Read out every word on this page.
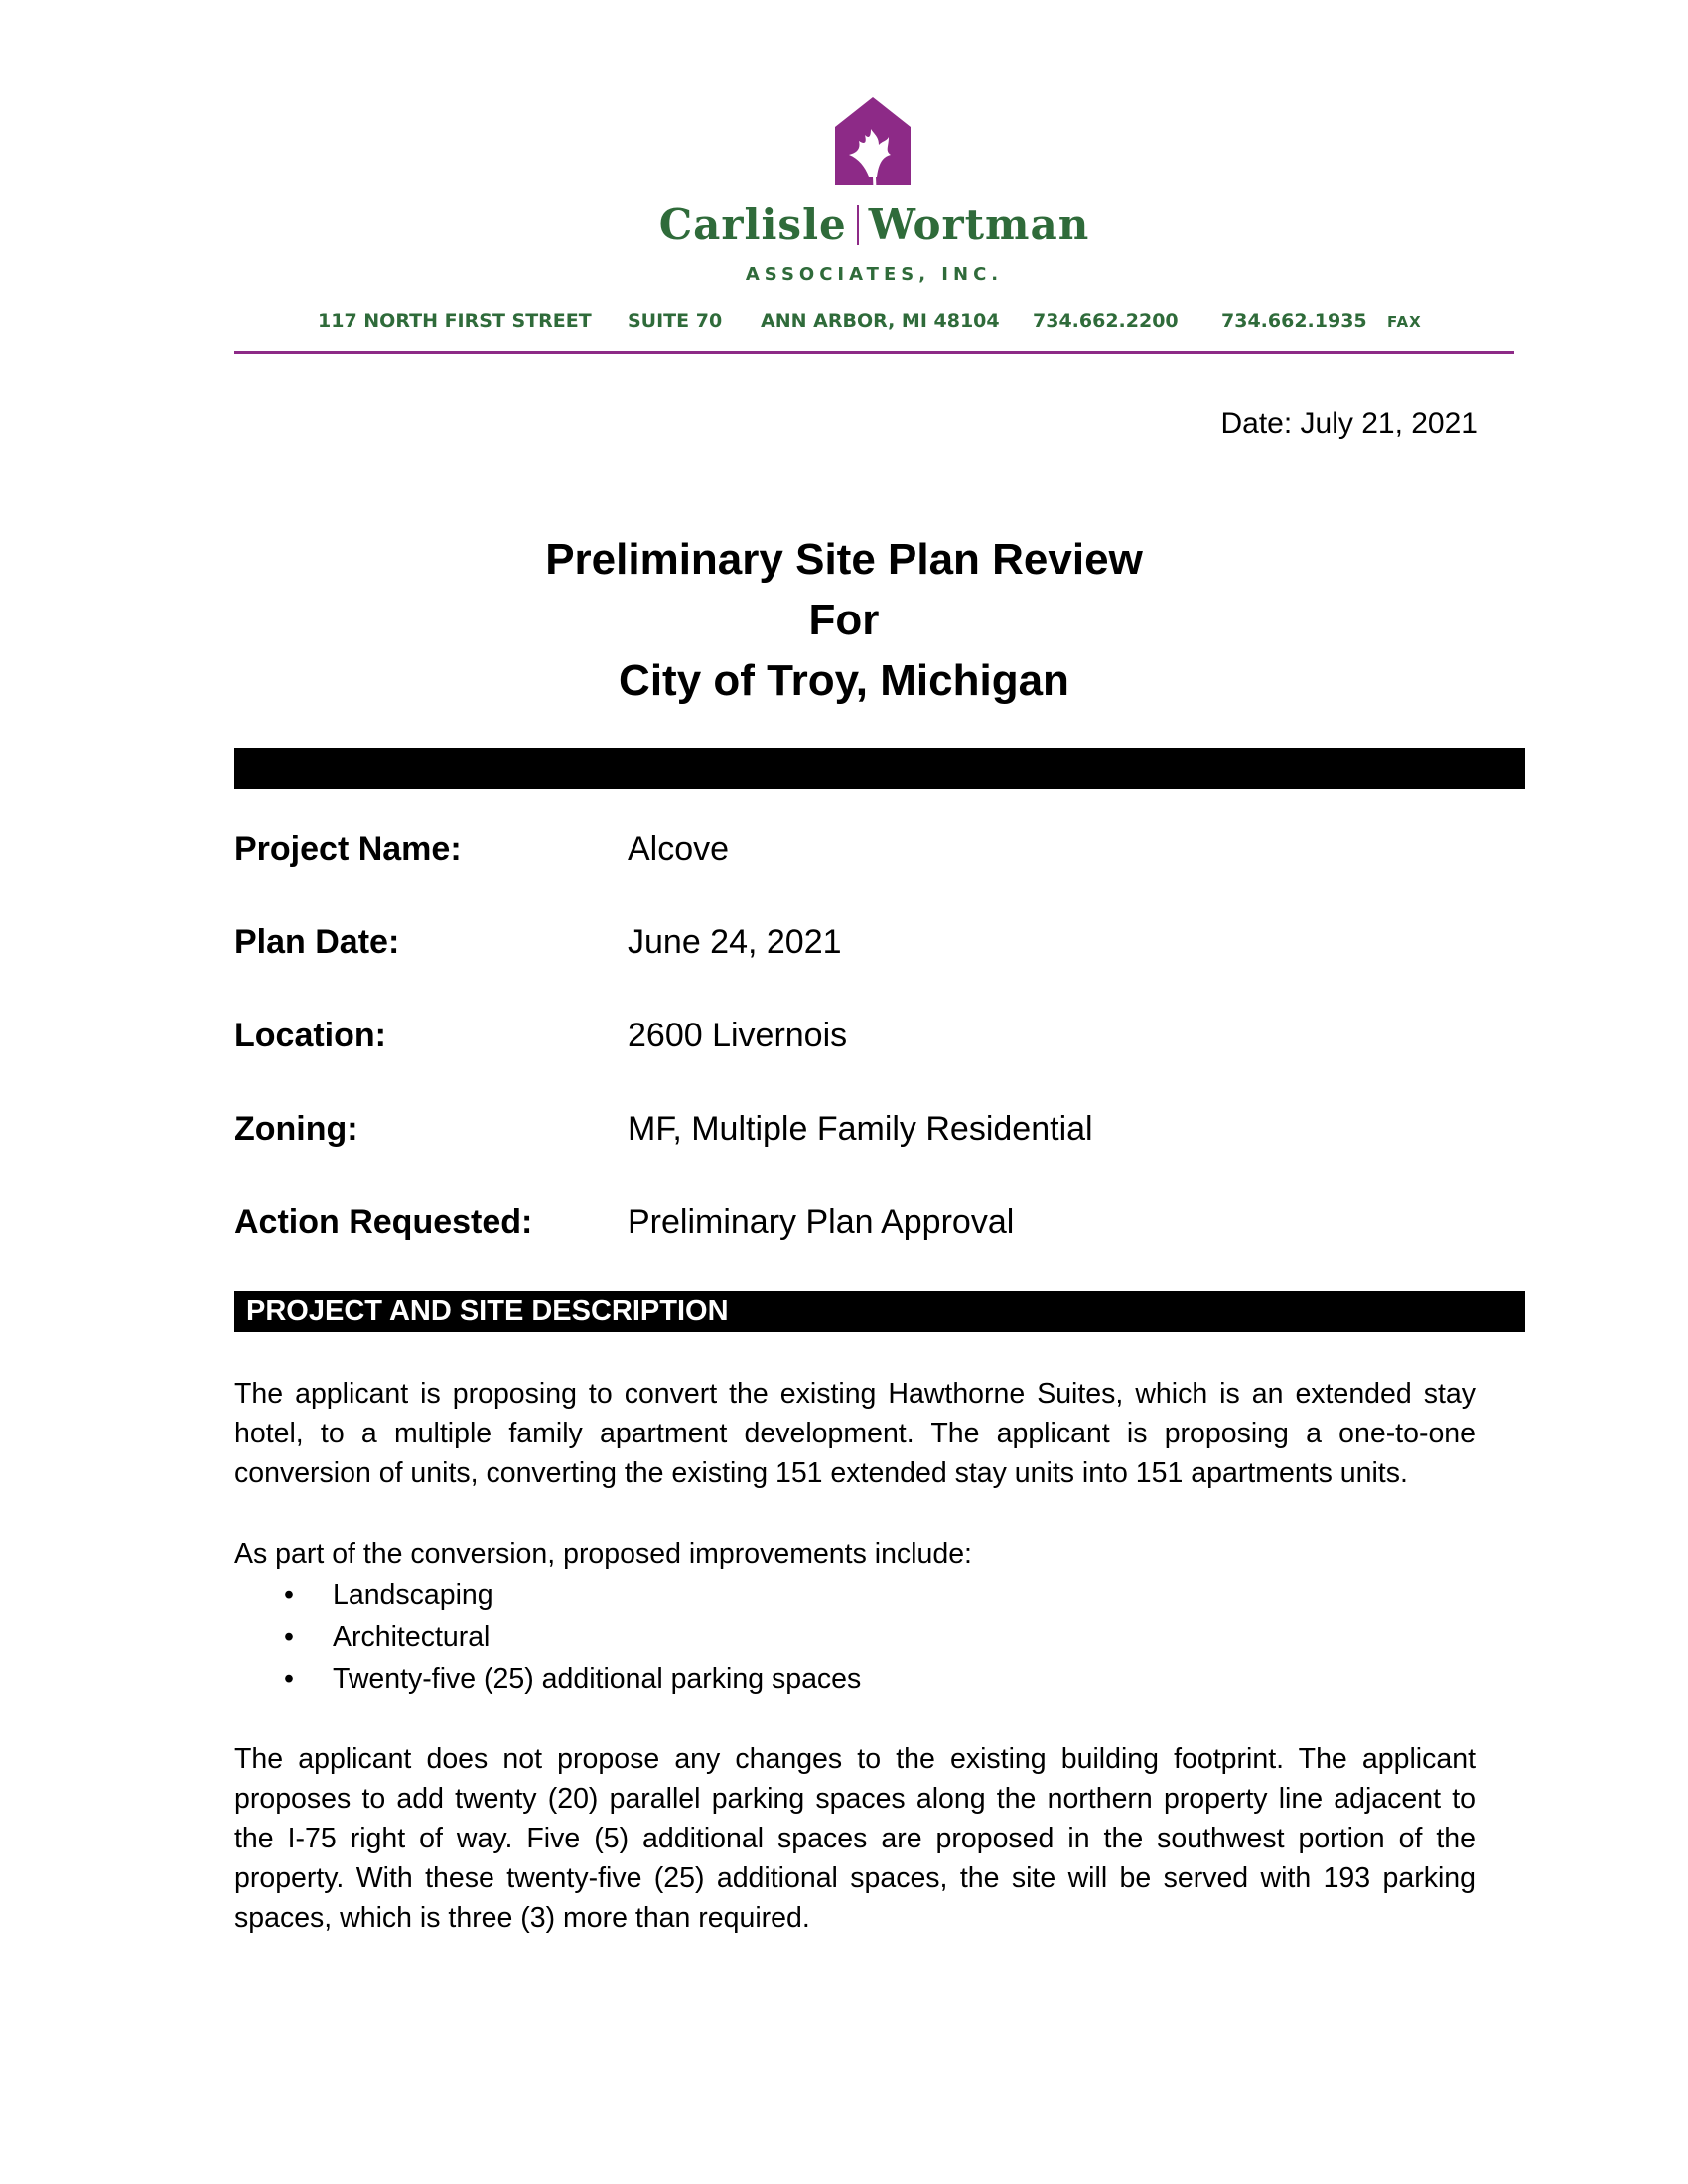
Carlisle Wortman
ASSOCIATES, INC.
117 NORTH FIRST STREET SUITE 70 ANN ARBOR, MI 48104 734.662.2200 734.662.1935 FAX
Date: July 21, 2021
Preliminary Site Plan Review
For
City of Troy, Michigan
Project Name:	Alcove
Plan Date:	June 24, 2021
Location:	2600 Livernois
Zoning:	MF, Multiple Family Residential
Action Requested:	Preliminary Plan Approval
PROJECT AND SITE DESCRIPTION

The applicant is proposing to convert the existing Hawthorne Suites, which is an extended stay hotel, to a multiple family apartment development. The applicant is proposing a one-to-one conversion of units, converting the existing 151 extended stay units into 151 apartments units.

As part of the conversion, proposed improvements include:

• Landscaping
• Architectural
• Twenty-five (25) additional parking spaces

The applicant does not propose any changes to the existing building footprint. The applicant proposes to add twenty (20) parallel parking spaces along the northern property line adjacent to the I-75 right of way. Five (5) additional spaces are proposed in the southwest portion of the property. With these twenty-five (25) additional spaces, the site will be served with 193 parking spaces, which is three (3) more than required.
